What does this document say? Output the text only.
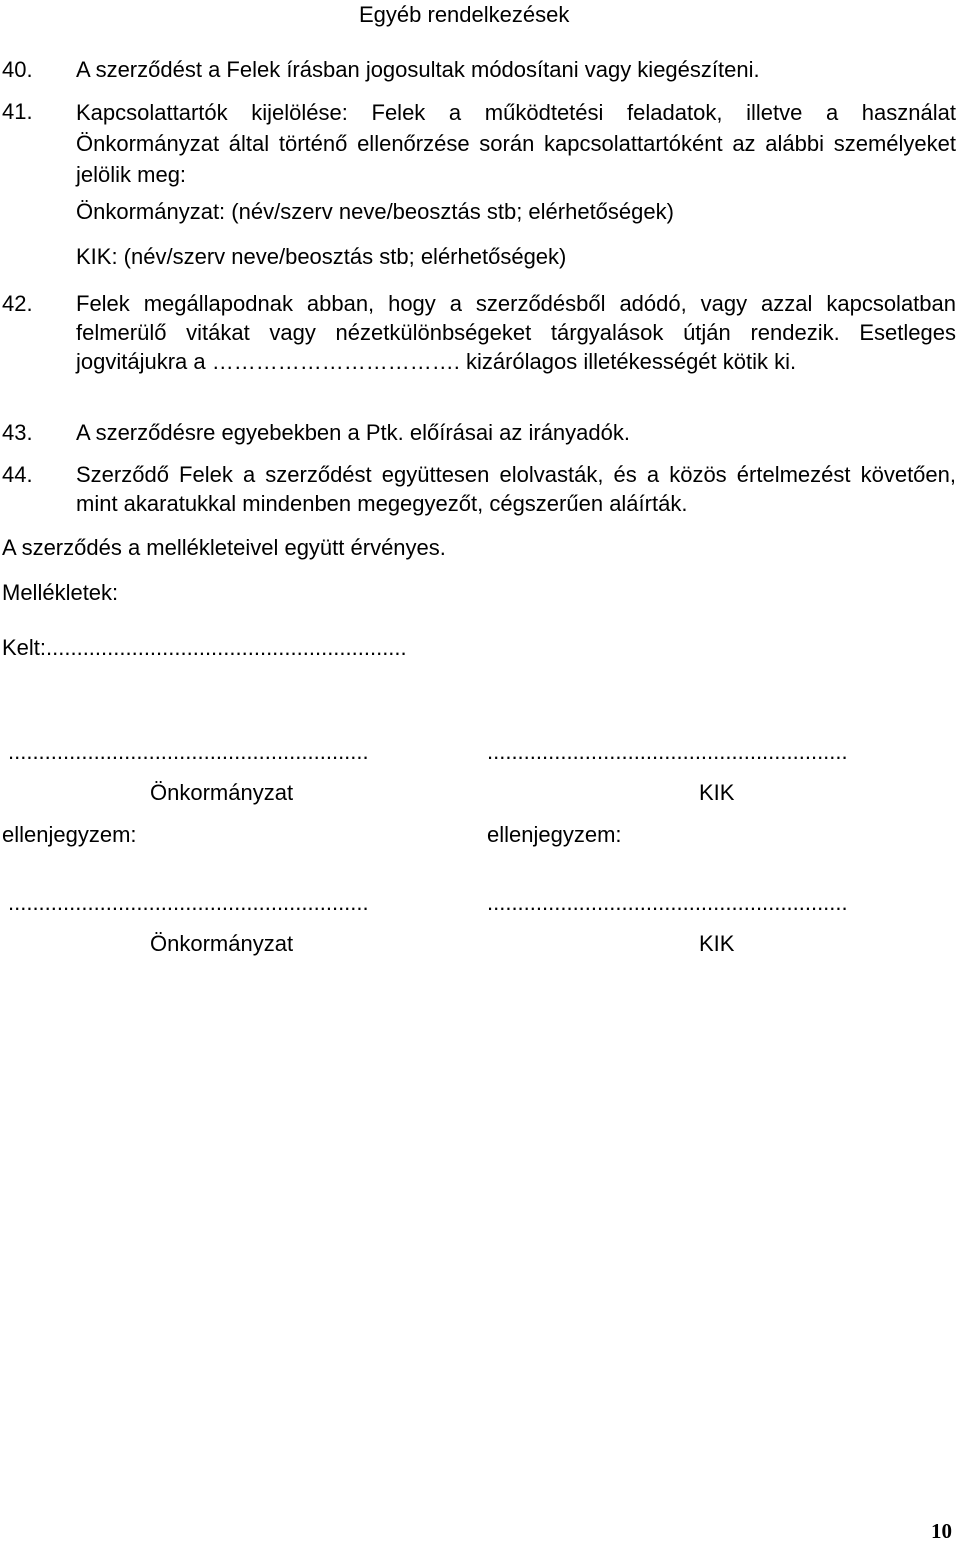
Egyéb rendelkezések
40. A szerződést a Felek írásban jogosultak módosítani vagy kiegészíteni.
41. Kapcsolattartók kijelölése: Felek a működtetési feladatok, illetve a használat Önkormányzat által történő ellenőrzése során kapcsolattartóként az alábbi személyeket jelölik meg:
Önkormányzat: (név/szerv neve/beosztás stb; elérhetőségek)
KIK: (név/szerv neve/beosztás stb; elérhetőségek)
42. Felek megállapodnak abban, hogy a szerződésből adódó, vagy azzal kapcsolatban felmerülő vitákat vagy nézetkülönbségeket tárgyalások útján rendezik. Esetleges jogvitájukra a ……………………………. kizárólagos illetékességét kötik ki.
43. A szerződésre egyebekben a Ptk. előírásai az irányadók.
44. Szerződő Felek a szerződést együttesen elolvasták, és a közös értelmezést követően, mint akaratukkal mindenben megegyezőt, cégszerűen aláírták.
A szerződés a mellékleteivel együtt érvényes.
Mellékletek:
Kelt:...........................................................
...........................................................	...........................................................
Önkormányzat	KIK
ellenjegyzem:	ellenjegyzem:
...........................................................	...........................................................
Önkormányzat	KIK
10
